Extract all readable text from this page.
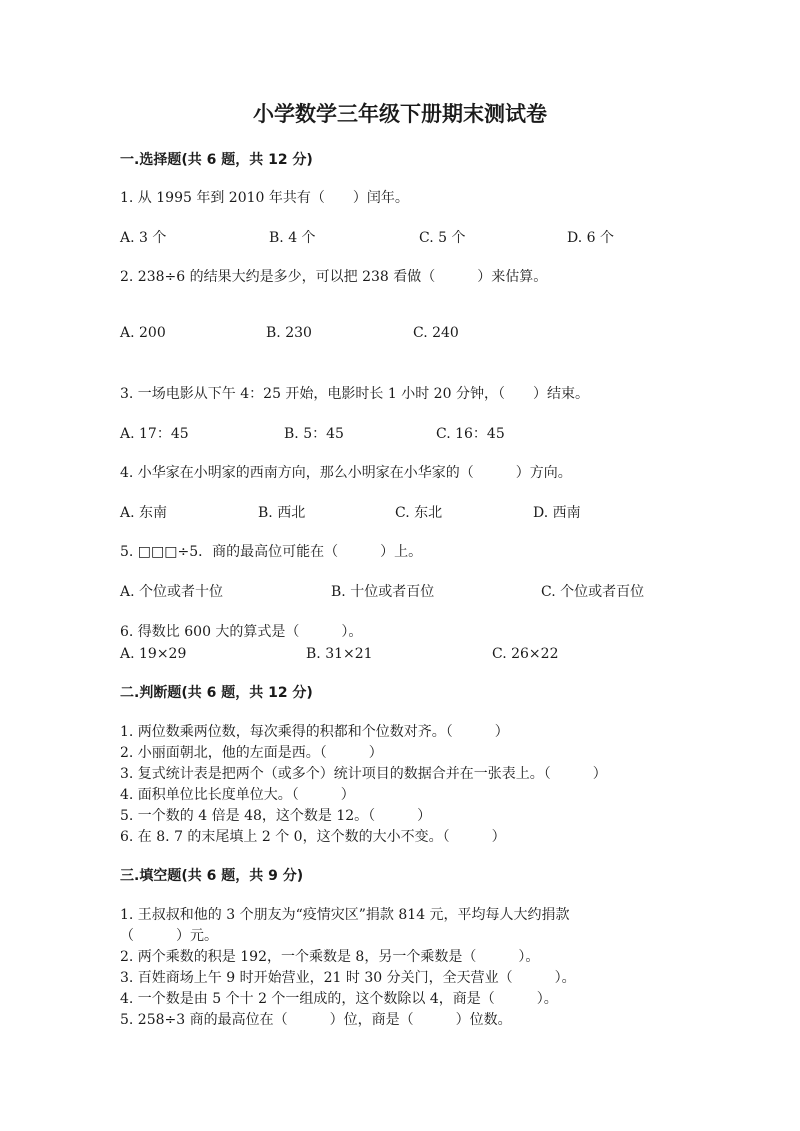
小学数学三年级下册期末测试卷
一.选择题(共 6 题，共 12 分)
1. 从 1995 年到 2010 年共有（　　）闰年。
A. 3 个	B. 4 个	C. 5 个	D. 6 个
2. 238÷6 的结果大约是多少，可以把 238 看做（　　　）来估算。
A. 200	B. 230	C. 240
3. 一场电影从下午 4：25 开始，电影时长 1 小时 20 分钟，（　　）结束。
A. 17：45	B. 5：45	C. 16：45
4. 小华家在小明家的西南方向，那么小明家在小华家的（　　　）方向。
A. 东南	B. 西北	C. 东北	D. 西南
5. □□□÷5．商的最高位可能在（　　　）上。
A. 个位或者十位	B. 十位或者百位	C. 个位或者百位
6. 得数比 600 大的算式是（　　　）。
A. 19×29	B. 31×21	C. 26×22
二.判断题(共 6 题，共 12 分)
1. 两位数乘两位数，每次乘得的积都和个位数对齐。（　　　）
2. 小丽面朝北，他的左面是西。（　　　）
3. 复式统计表是把两个（或多个）统计项目的数据合并在一张表上。（　　　）
4. 面积单位比长度单位大。（　　　）
5. 一个数的 4 倍是 48，这个数是 12。（　　　）
6. 在 8. 7 的末尾填上 2 个 0，这个数的大小不变。（　　　）
三.填空题(共 6 题，共 9 分)
1. 王叔叔和他的 3 个朋友为“疫情灾区”捐款 814 元，平均每人大约捐款
（　　　）元。
2. 两个乘数的积是 192，一个乘数是 8，另一个乘数是（　　　）。
3. 百姓商场上午 9 时开始营业，21 时 30 分关门，全天营业（　　　）。
4. 一个数是由 5 个十 2 个一组成的，这个数除以 4，商是（　　　）。
5. 258÷3 商的最高位在（　　　）位，商是（　　　）位数。
